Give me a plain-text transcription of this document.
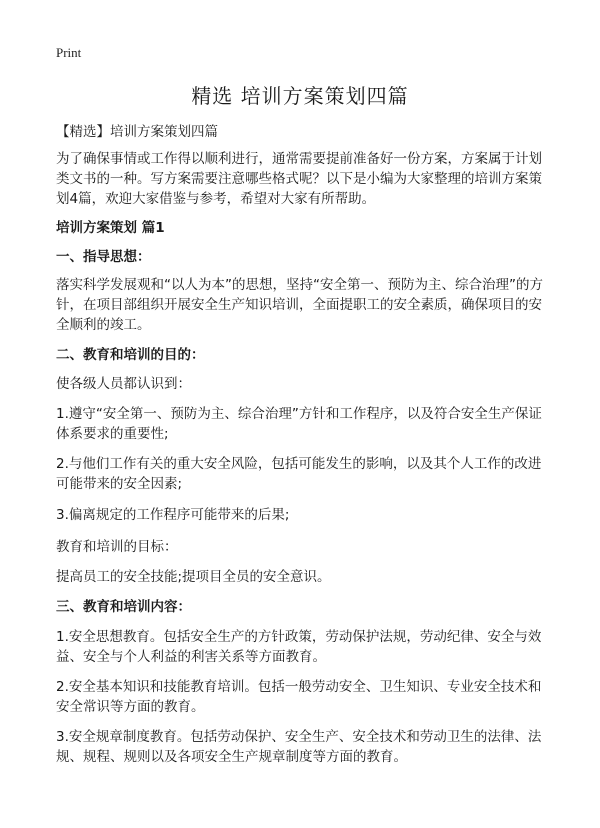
Print
精选 培训方案策划四篇

【精选】培训方案策划四篇

为了确保事情或工作得以顺利进行，通常需要提前准备好一份方案，方案属于计划类文书的一种。写方案需要注意哪些格式呢？以下是小编为大家整理的培训方案策划4篇，欢迎大家借鉴与参考，希望对大家有所帮助。

培训方案策划 篇1

一、指导思想：

落实科学发展观和“以人为本”的思想，坚持“安全第一、预防为主、综合治理”的方针，在项目部组织开展安全生产知识培训，全面提职工的安全素质，确保项目的安全顺利的竣工。

二、教育和培训的目的：

使各级人员都认识到：

1.遵守“安全第一、预防为主、综合治理”方针和工作程序，以及符合安全生产保证体系要求的重要性;

2.与他们工作有关的重大安全风险，包括可能发生的影响，以及其个人工作的改进可能带来的安全因素;

3.偏离规定的工作程序可能带来的后果;

教育和培训的目标：

提高员工的安全技能;提项目全员的安全意识。

三、教育和培训内容：

1.安全思想教育。包括安全生产的方针政策，劳动保护法规，劳动纪律、安全与效益、安全与个人利益的利害关系等方面教育。

2.安全基本知识和技能教育培训。包括一般劳动安全、卫生知识、专业安全技术和安全常识等方面的教育。

3.安全规章制度教育。包括劳动保护、安全生产、安全技术和劳动卫生的法律、法规、规程、规则以及各项安全生产规章制度等方面的教育。
